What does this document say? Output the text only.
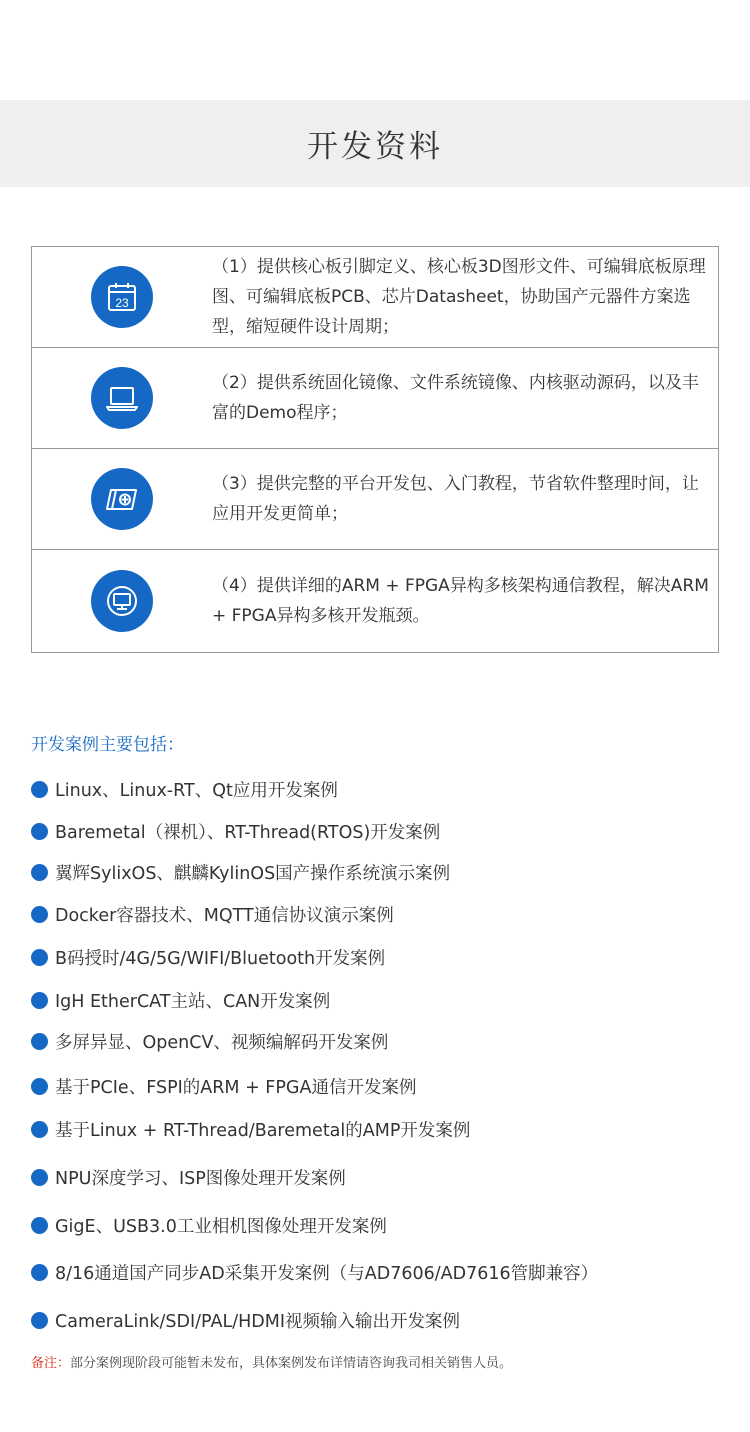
开发资料
23
（1）提供核心板引脚定义、核心板3D图形文件、可编辑底板原理图、可编辑底板PCB、芯片Datasheet，协助国产元器件方案选型，缩短硬件设计周期；
（2）提供系统固化镜像、文件系统镜像、内核驱动源码，以及丰富的Demo程序；
（3）提供完整的平台开发包、入门教程，节省软件整理时间，让应用开发更简单；
（4）提供详细的ARM + FPGA异构多核架构通信教程，解决ARM + FPGA异构多核开发瓶颈。
开发案例主要包括：
Linux、Linux-RT、Qt应用开发案例
Baremetal（裸机）、RT-Thread(RTOS)开发案例
翼辉SylixOS、麒麟KylinOS国产操作系统演示案例
Docker容器技术、MQTT通信协议演示案例
B码授时/4G/5G/WIFI/Bluetooth开发案例
IgH EtherCAT主站、CAN开发案例
多屏异显、OpenCV、视频编解码开发案例
基于PCIe、FSPI的ARM + FPGA通信开发案例
基于Linux + RT-Thread/Baremetal的AMP开发案例
NPU深度学习、ISP图像处理开发案例
GigE、USB3.0工业相机图像处理开发案例
8/16通道国产同步AD采集开发案例（与AD7606/AD7616管脚兼容）
CameraLink/SDI/PAL/HDMI视频输入输出开发案例
备注：部分案例现阶段可能暂未发布，具体案例发布详情请咨询我司相关销售人员。
